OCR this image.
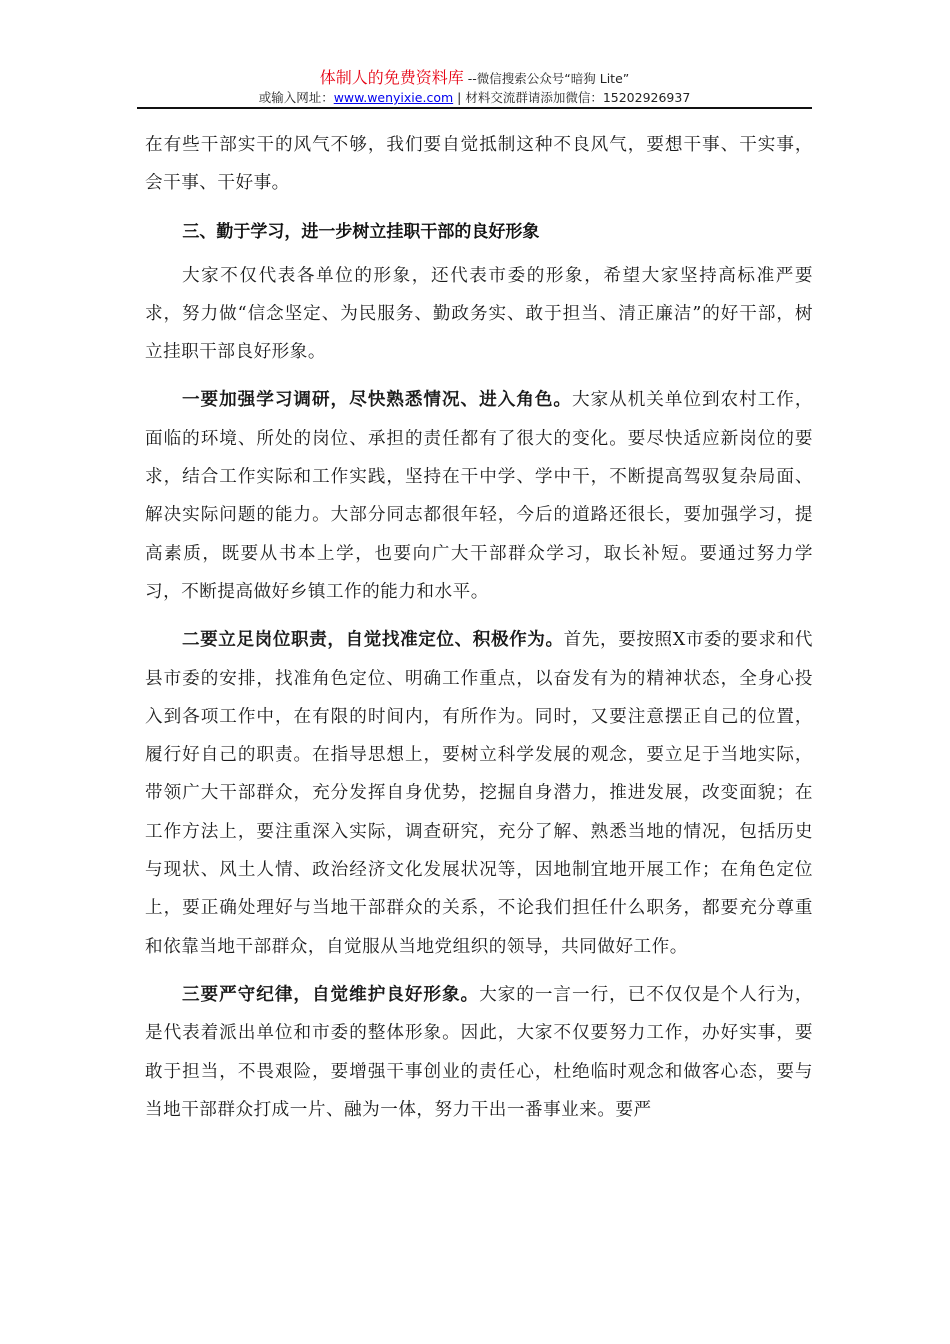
体制人的免费资料库 --微信搜索公众号“暗狗 Lite”
或输入网址：www.wenyixie.com | 材料交流群请添加微信：15202926937

在有些干部实干的风气不够，我们要自觉抵制这种不良风气，要想干事、干实事，会干事、干好事。

三、勤于学习，进一步树立挂职干部的良好形象

大家不仅代表各单位的形象，还代表市委的形象，希望大家坚持高标准严要求，努力做“信念坚定、为民服务、勤政务实、敢于担当、清正廉洁”的好干部，树立挂职干部良好形象。

一要加强学习调研，尽快熟悉情况、进入角色。大家从机关单位到农村工作，面临的环境、所处的岗位、承担的责任都有了很大的变化。要尽快适应新岗位的要求，结合工作实际和工作实践，坚持在干中学、学中干，不断提高驾驭复杂局面、解决实际问题的能力。大部分同志都很年轻，今后的道路还很长，要加强学习，提高素质，既要从书本上学，也要向广大干部群众学习，取长补短。要通过努力学习，不断提高做好乡镇工作的能力和水平。

二要立足岗位职责，自觉找准定位、积极作为。首先，要按照X市委的要求和代县市委的安排，找准角色定位、明确工作重点，以奋发有为的精神状态，全身心投入到各项工作中，在有限的时间内，有所作为。同时，又要注意摆正自己的位置，履行好自己的职责。在指导思想上，要树立科学发展的观念，要立足于当地实际，带领广大干部群众，充分发挥自身优势，挖掘自身潜力，推进发展，改变面貌；在工作方法上，要注重深入实际，调查研究，充分了解、熟悉当地的情况，包括历史与现状、风土人情、政治经济文化发展状况等，因地制宜地开展工作；在角色定位上，要正确处理好与当地干部群众的关系，不论我们担任什么职务，都要充分尊重和依靠当地干部群众，自觉服从当地党组织的领导，共同做好工作。

三要严守纪律，自觉维护良好形象。大家的一言一行，已不仅仅是个人行为，是代表着派出单位和市委的整体形象。因此，大家不仅要努力工作，办好实事，要敢于担当，不畏艰险，要增强干事创业的责任心，杜绝临时观念和做客心态，要与当地干部群众打成一片、融为一体，努力干出一番事业来。要严
